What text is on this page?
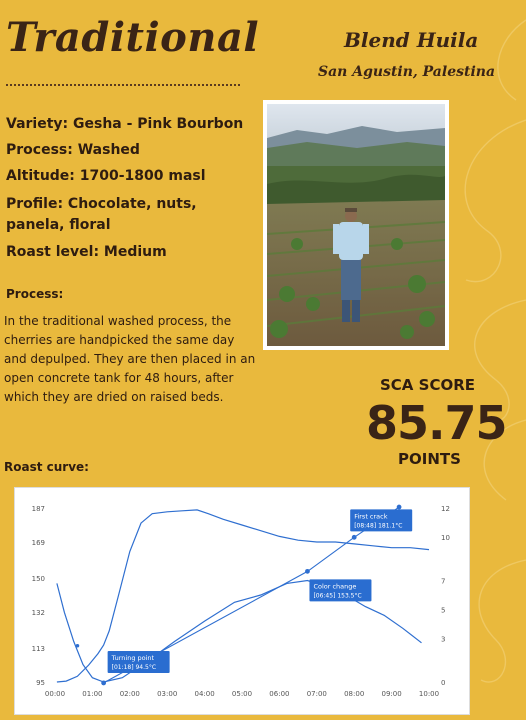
Traditional	Blend Huila
San Agustin, Palestina
Variety: Gesha - Pink Bourbon
Process: Washed
Altitude: 1700-1800 masl
Profile: Chocolate, nuts, panela, floral
Roast level: Medium
Process:
In the traditional washed process, the cherries are handpicked the same day and depulped. They are then placed in an open concrete tank for 48 hours, after which they are dried on raised beds.
SCA SCORE
85.75
POINTS
Roast curve:
00:00 01:00 02:00 03:00 04:00 05:00 06:00 07:00 08:00 09:00 10:00
95
113
132
150
169
187
0
3
5
7
10
12
Turning point
[01:18] 94.5°C
Color change
[06:45] 153.5°C
First crack
[08:48] 181.1°C
